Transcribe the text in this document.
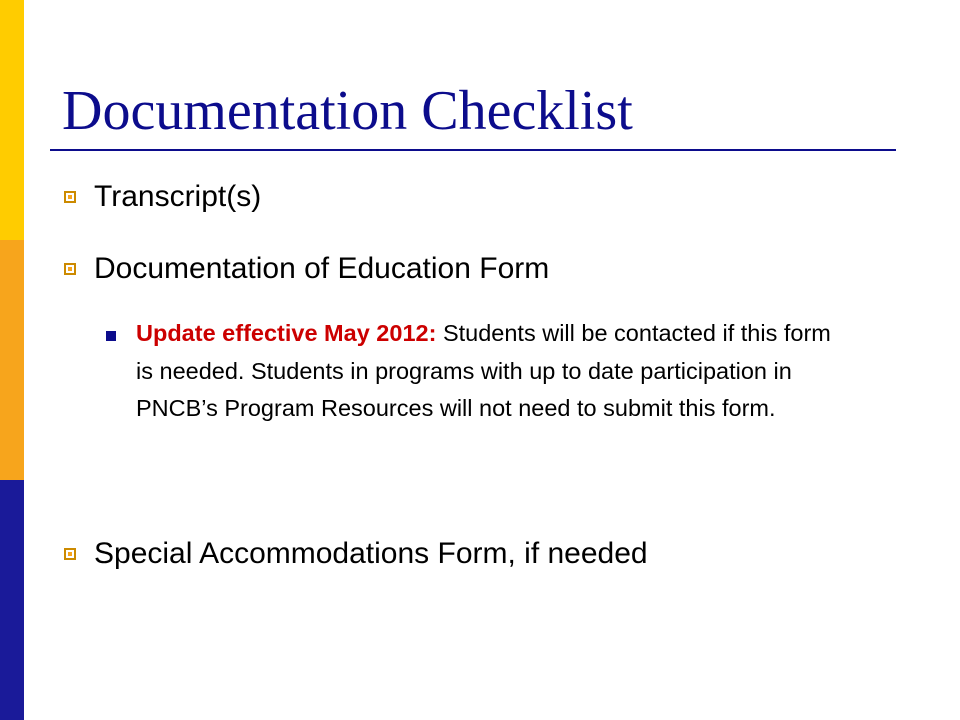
Documentation Checklist
Transcript(s)
Documentation of Education Form
Update effective May 2012: Students will be contacted if this form is needed. Students in programs with up to date participation in PNCB’s Program Resources will not need to submit this form.
Special Accommodations Form, if needed
